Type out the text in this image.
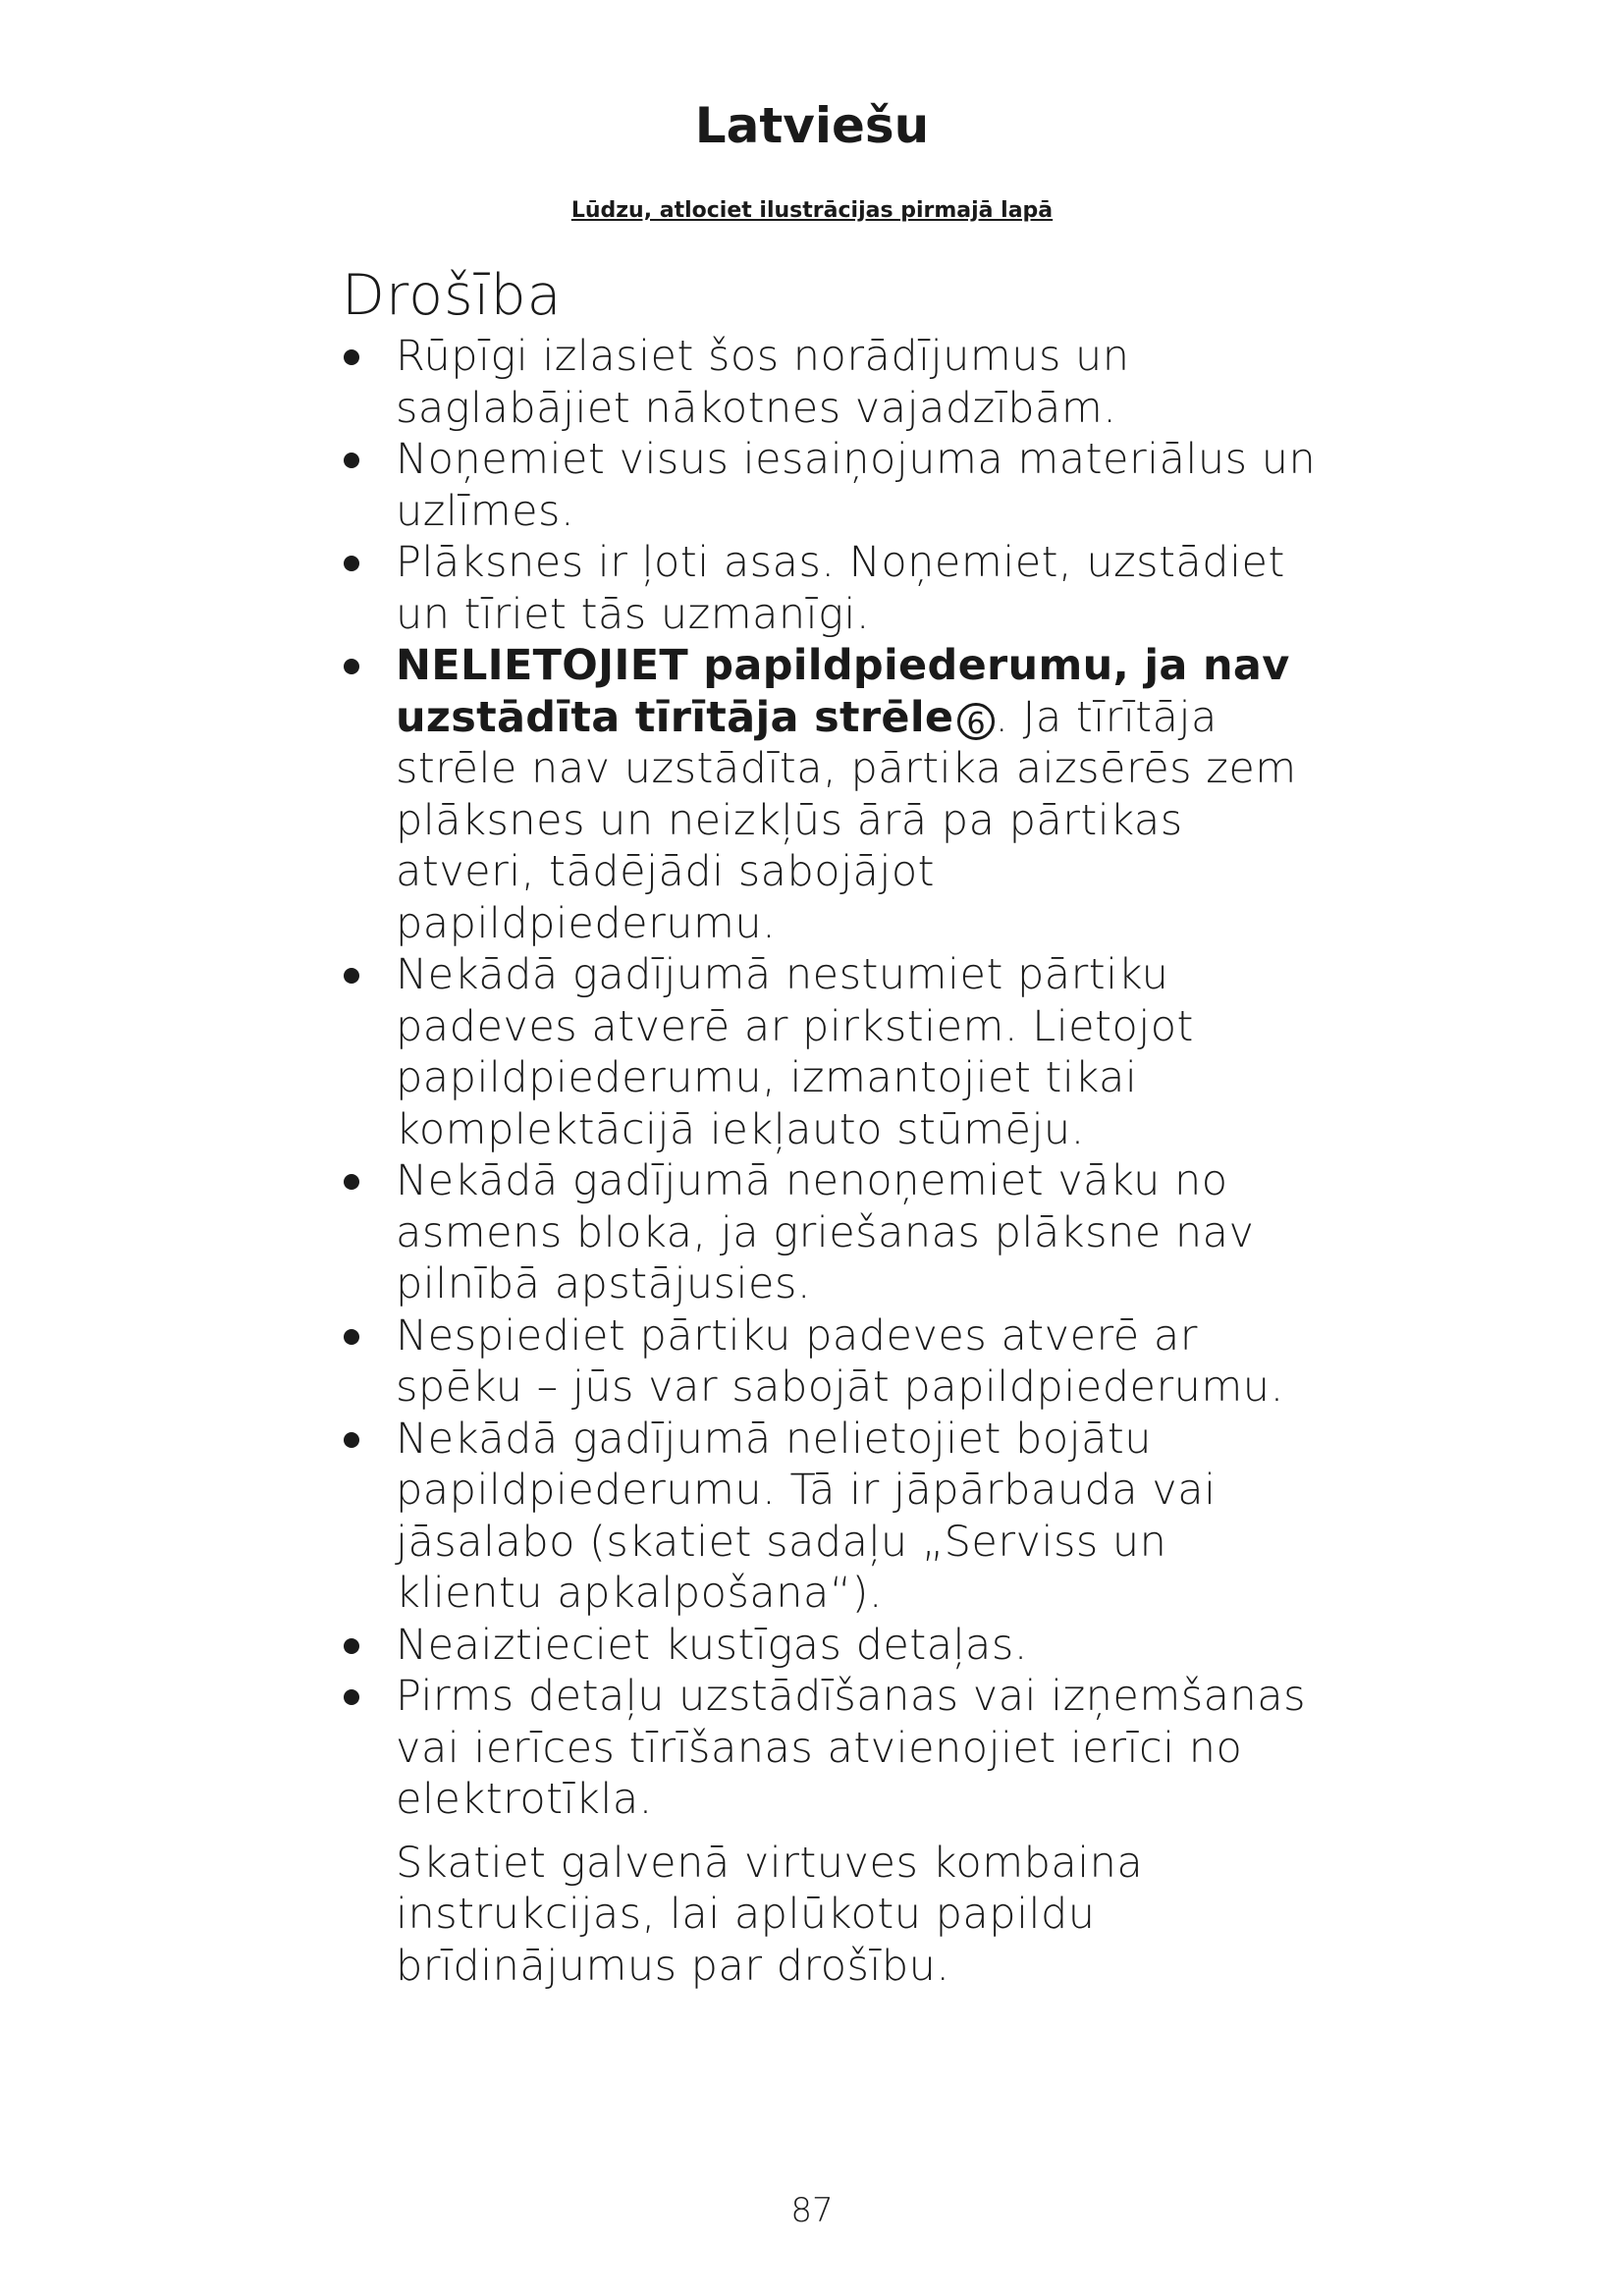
Latviešu
Lūdzu, atlociet ilustrācijas pirmajā lapā
Drošība
Rūpīgi izlasiet šos norādījumus un saglabājiet nākotnes vajadzībām.
Noņemiet visus iesaiņojuma materiālus un uzlīmes.
Plāksnes ir ļoti asas. Noņemiet, uzstādiet un tīriet tās uzmanīgi.
NELIETOJIET papildpiederumu, ja nav uzstādīta tīrītāja strēle 6 . Ja tīrītāja strēle nav uzstādīta, pārtika aizsērēs zem plāksnes un neizkļūs ārā pa pārtikas atveri, tādējādi sabojājot papildpiederumu.
Nekādā gadījumā nestumiet pārtiku padeves atverē ar pirkstiem. Lietojot papildpiederumu, izmantojiet tikai komplektācijā iekļauto stūmēju.
Nekādā gadījumā nenoņemiet vāku no asmens bloka, ja griešanas plāksne nav pilnībā apstājusies.
Nespiediet pārtiku padeves atverē ar spēku – jūs var sabojāt papildpiederumu.
Nekādā gadījumā nelietojiet bojātu papildpiederumu. Tā ir jāpārbauda vai jāsalabo (skatiet sadaļu „Serviss un klientu apkalpošana“).
Neaiztieciet kustīgas detaļas.
Pirms detaļu uzstādīšanas vai izņemšanas vai ierīces tīrīšanas atvienojiet ierīci no elektrotīkla.

Skatiet galvenā virtuves kombaina instrukcijas, lai aplūkotu papildu brīdinājumus par drošību.

87
